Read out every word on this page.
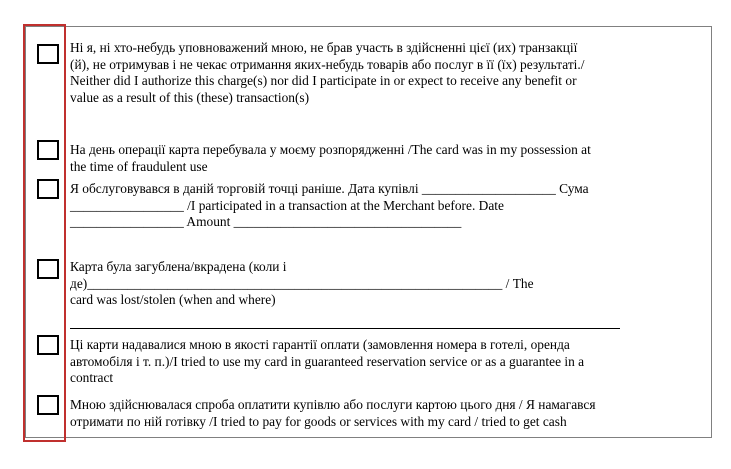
Ні я, ні хто-небудь уповноважений мною, не брав участь в здійсненні цієї (их) транзакції
(й), не отримував і не чекає отримання яких-небудь товарів або послуг в її (їх) результаті./
Neither did I authorize this charge(s) nor did I participate in or expect to receive any benefit or
value as a result of this (these) transaction(s)
На день операції карта перебувала у моєму розпорядженні /The card was in my possession at
the time of fraudulent use
Я обслуговувався в даній торговій точці раніше. Дата купівлі ____________________ Сума
_________________ /I participated in a transaction at the Merchant before. Date
_________________ Amount __________________________________
Карта була загублена/вкрадена (коли і
де)______________________________________________________________ / The
card was lost/stolen (when and where)
Ці карти надавалися мною в якості гарантії оплати (замовлення номера в готелі, оренда
автомобіля і т. п.)/I tried to use my card in guaranteed reservation service or as a guarantee in a
contract
Мною здійснювалася спроба оплатити купівлю або послуги картою цього дня / Я намагався
отримати по ній готівку /I tried to pay for goods or services with my card / tried to get cash
